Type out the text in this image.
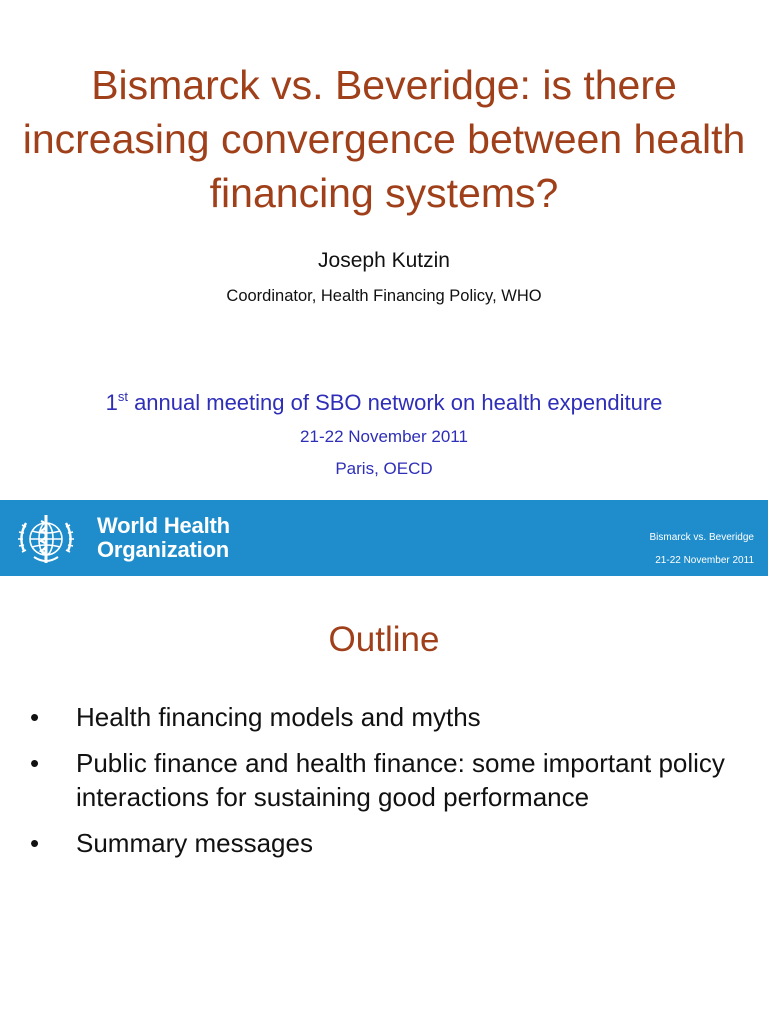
Bismarck vs. Beveridge: is there increasing convergence between health financing systems?
Joseph Kutzin
Coordinator, Health Financing Policy, WHO
1st annual meeting of SBO network on health expenditure
21-22 November 2011
Paris, OECD
World Health
Organization	Bismarck vs. Beveridge
21-22 November 2011
Outline
•	Health financing models and myths
•	Public finance and health finance: some important policy interactions for sustaining good performance
•	Summary messages
